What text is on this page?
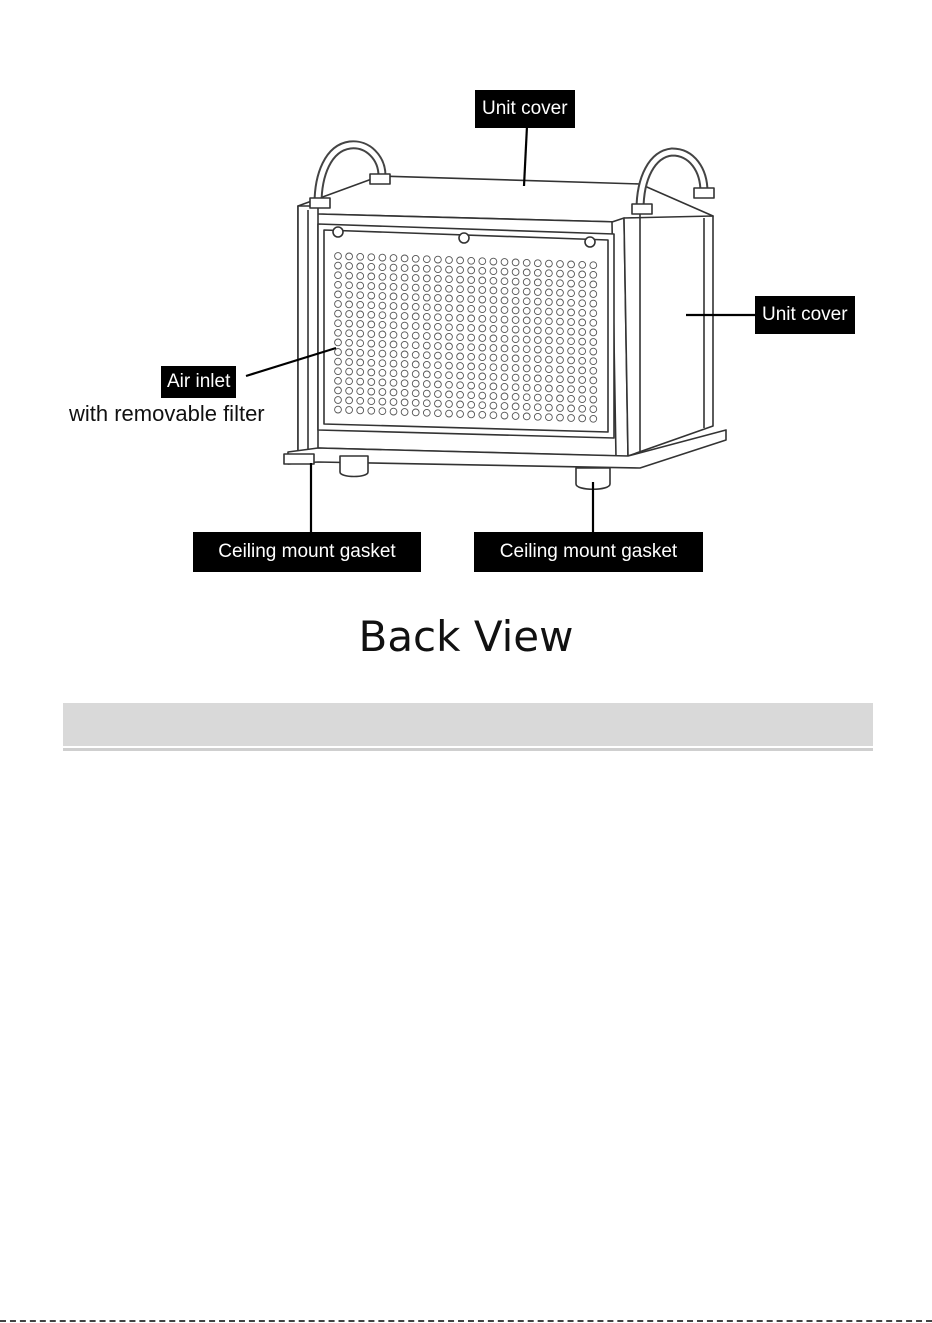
Unit cover
Unit cover
Air inlet
with removable filter
Ceiling mount gasket	Ceiling mount gasket
Back View
